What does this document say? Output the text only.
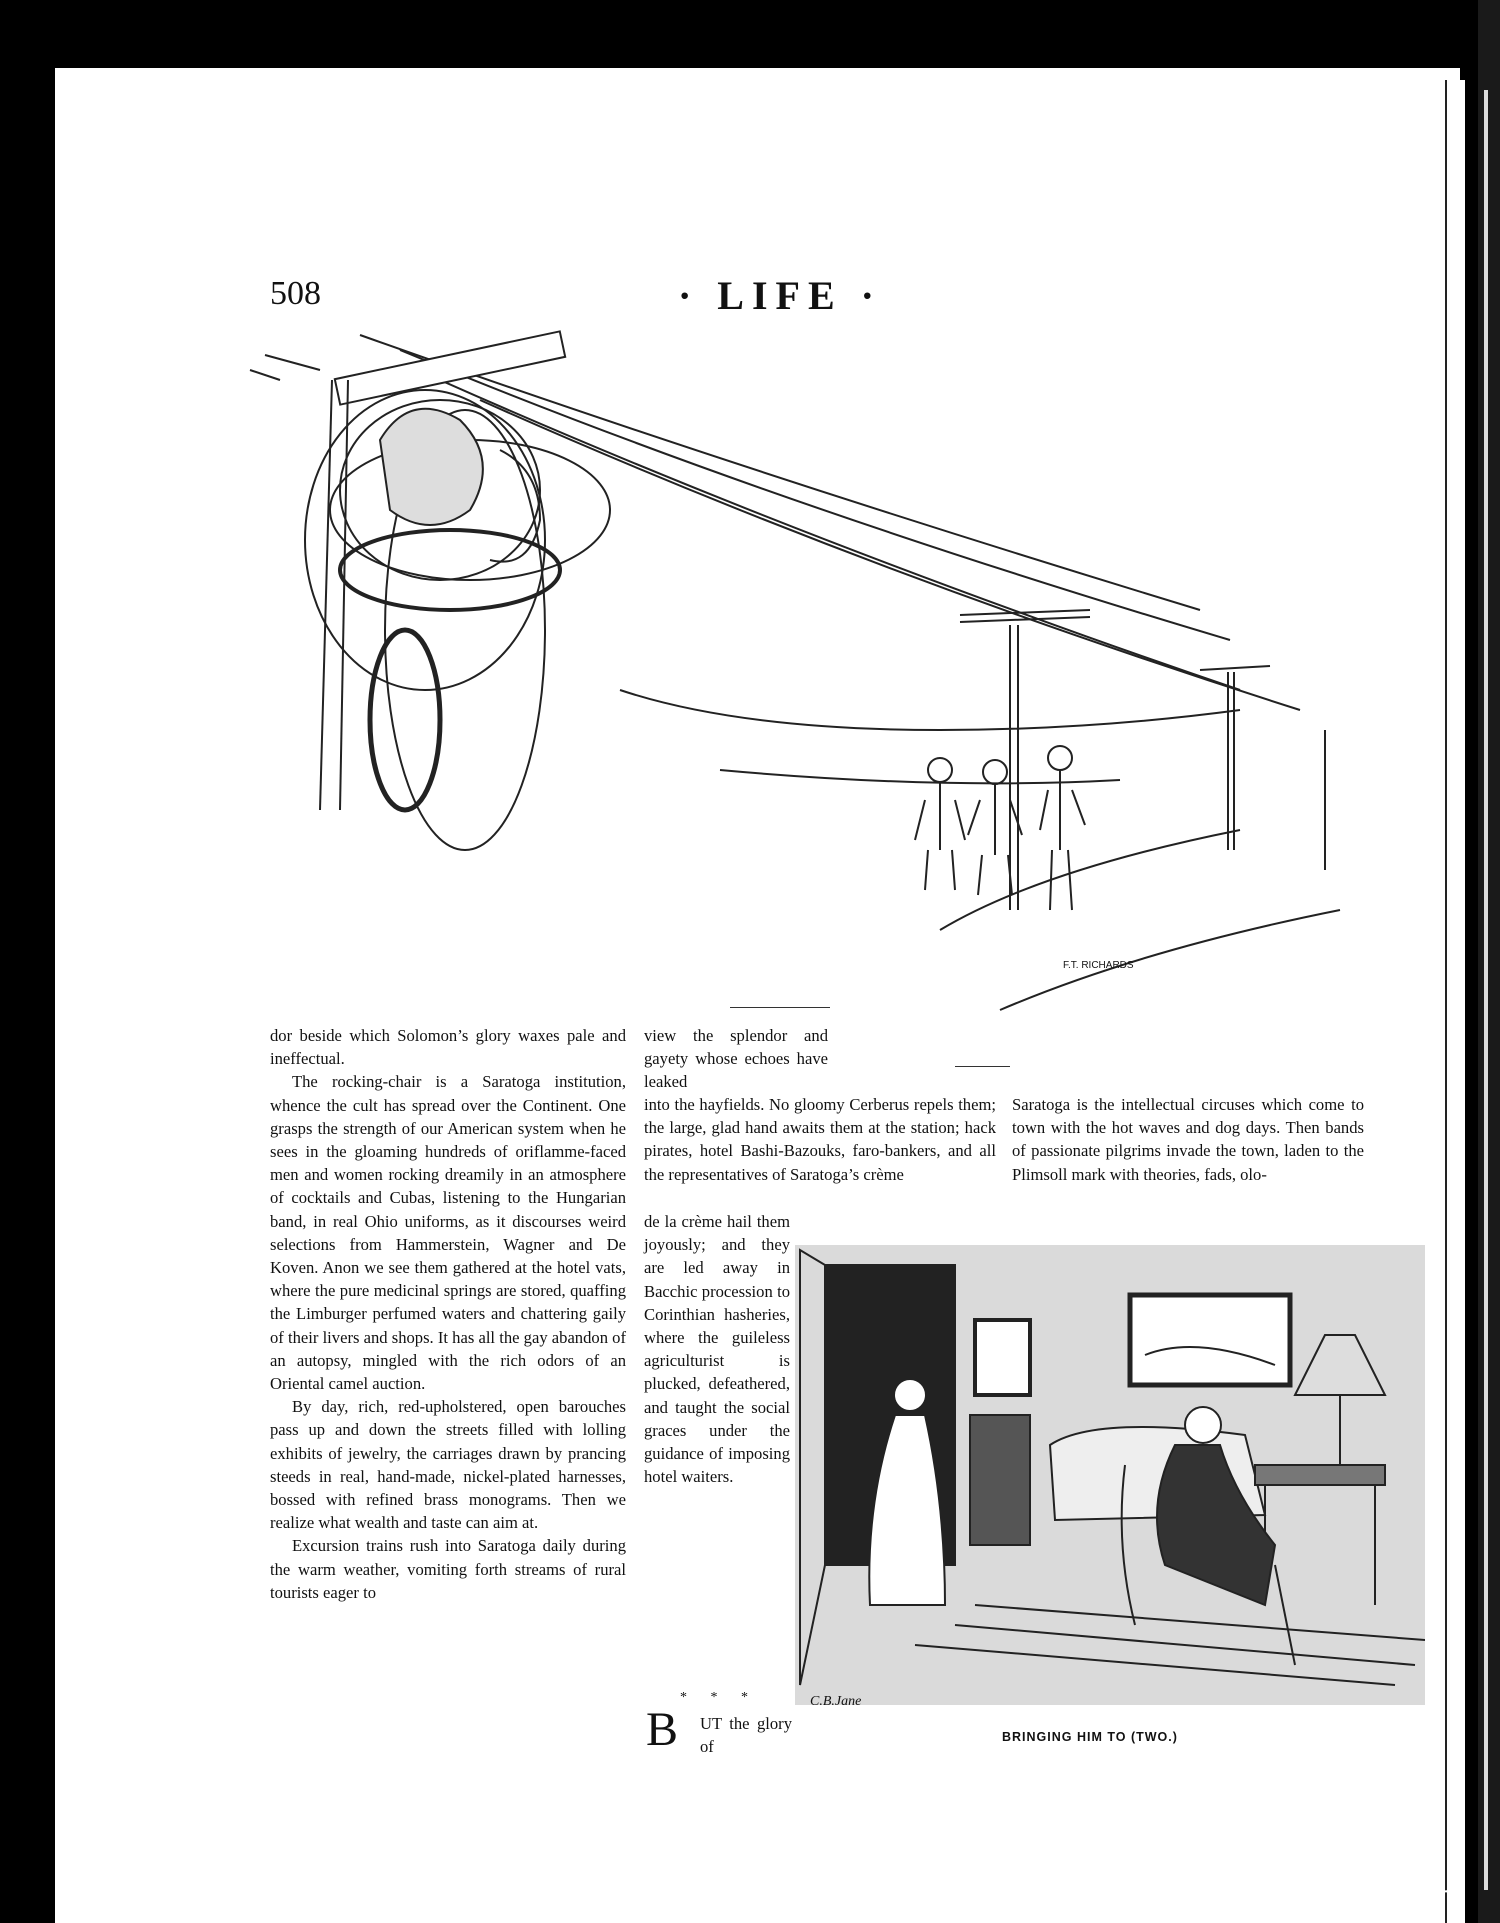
508	· LIFE ·
F.T. RICHARDS

dor beside which Solomon’s glory waxes pale and ineffectual.

The rocking-chair is a Saratoga institution, whence the cult has spread over the Continent. One grasps the strength of our American system when he sees in the gloaming hundreds of oriflamme-faced men and women rocking dreamily in an atmosphere of cocktails and Cubas, listening to the Hungarian band, in real Ohio uniforms, as it discourses weird selections from Hammerstein, Wagner and De Koven. Anon we see them gathered at the hotel vats, where the pure medicinal springs are stored, quaffing the Limburger perfumed waters and chattering gaily of their livers and shops. It has all the gay abandon of an autopsy, mingled with the rich odors of an Oriental camel auction.

By day, rich, red-upholstered, open barouches pass up and down the streets filled with lolling exhibits of jewelry, the carriages drawn by prancing steeds in real, hand-made, nickel-plated harnesses, bossed with refined brass monograms. Then we realize what wealth and taste can aim at.

Excursion trains rush into Saratoga daily during the warm weather, vomiting forth streams of rural tourists eager to

view the splendor and gayety whose echoes have leaked
into the hayfields. No gloomy Cerberus repels them; the large, glad hand awaits them at the station; hack pirates, hotel Bashi-Bazouks, faro-bankers, and all the representatives of Saratoga’s crème
de la crème hail them joyously; and they are led away in Bacchic procession to Corinthian hasheries, where the guileless agriculturist is plucked, defeathered, and taught the social graces under the guidance of imposing hotel waiters.
* * *
B UT the glory of
Saratoga is the intellectual circuses which come to town with the hot waves and dog days. Then bands of passionate pilgrims invade the town, laden to the Plimsoll mark with theories, fads, olo-
C.B.Jane
BRINGING HIM TO (TWO.)
comicbooks.com
